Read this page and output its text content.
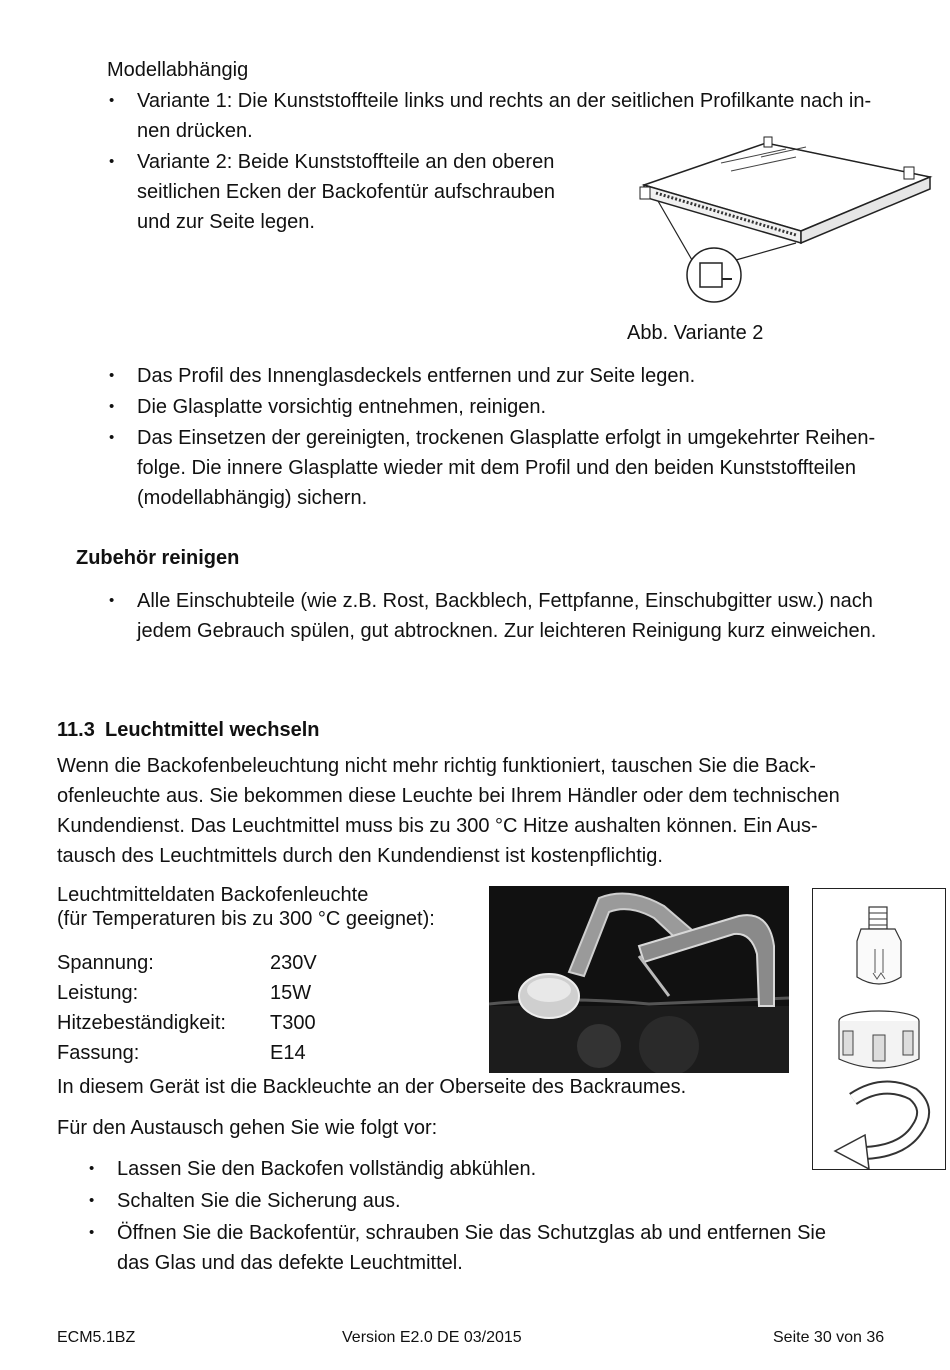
Modellabhängig
• Variante 1: Die Kunststoffteile links und rechts an der seitlichen Profilkante nach in-
nen drücken.
• Variante 2: Beide Kunststoffteile an den oberen
seitlichen Ecken der Backofentür aufschrauben
und zur Seite legen.
Abb. Variante 2
• Das Profil des Innenglasdeckels entfernen und zur Seite legen.
• Die Glasplatte vorsichtig entnehmen, reinigen.
• Das Einsetzen der gereinigten, trockenen Glasplatte erfolgt in umgekehrter Reihen-
folge. Die innere Glasplatte wieder mit dem Profil und den beiden Kunststoffteilen
(modellabhängig) sichern.
Zubehör reinigen
• Alle Einschubteile (wie z.B. Rost, Backblech, Fettpfanne, Einschubgitter usw.) nach
jedem Gebrauch spülen, gut abtrocknen. Zur leichteren Reinigung kurz einweichen.
11.3 Leuchtmittel wechseln
Wenn die Backofenbeleuchtung nicht mehr richtig funktioniert, tauschen Sie die Back-
ofenleuchte aus. Sie bekommen diese Leuchte bei Ihrem Händler oder dem technischen
Kundendienst. Das Leuchtmittel muss bis zu 300 °C Hitze aushalten können. Ein Aus-
tausch des Leuchtmittels durch den Kundendienst ist kostenpflichtig.
Leuchtmitteldaten Backofenleuchte
(für Temperaturen bis zu 300 °C geeignet):
Spannung:	230V
Leistung:	15W
Hitzebeständigkeit: T300
Fassung:	E14
In diesem Gerät ist die Backleuchte an der Oberseite des Backraumes.
Für den Austausch gehen Sie wie folgt vor:
• Lassen Sie den Backofen vollständig abkühlen.
• Schalten Sie die Sicherung aus.
• Öffnen Sie die Backofentür, schrauben Sie das Schutzglas ab und entfernen Sie
das Glas und das defekte Leuchtmittel.
ECM5.1BZ	Version E2.0 DE 03/2015	Seite 30 von 36
